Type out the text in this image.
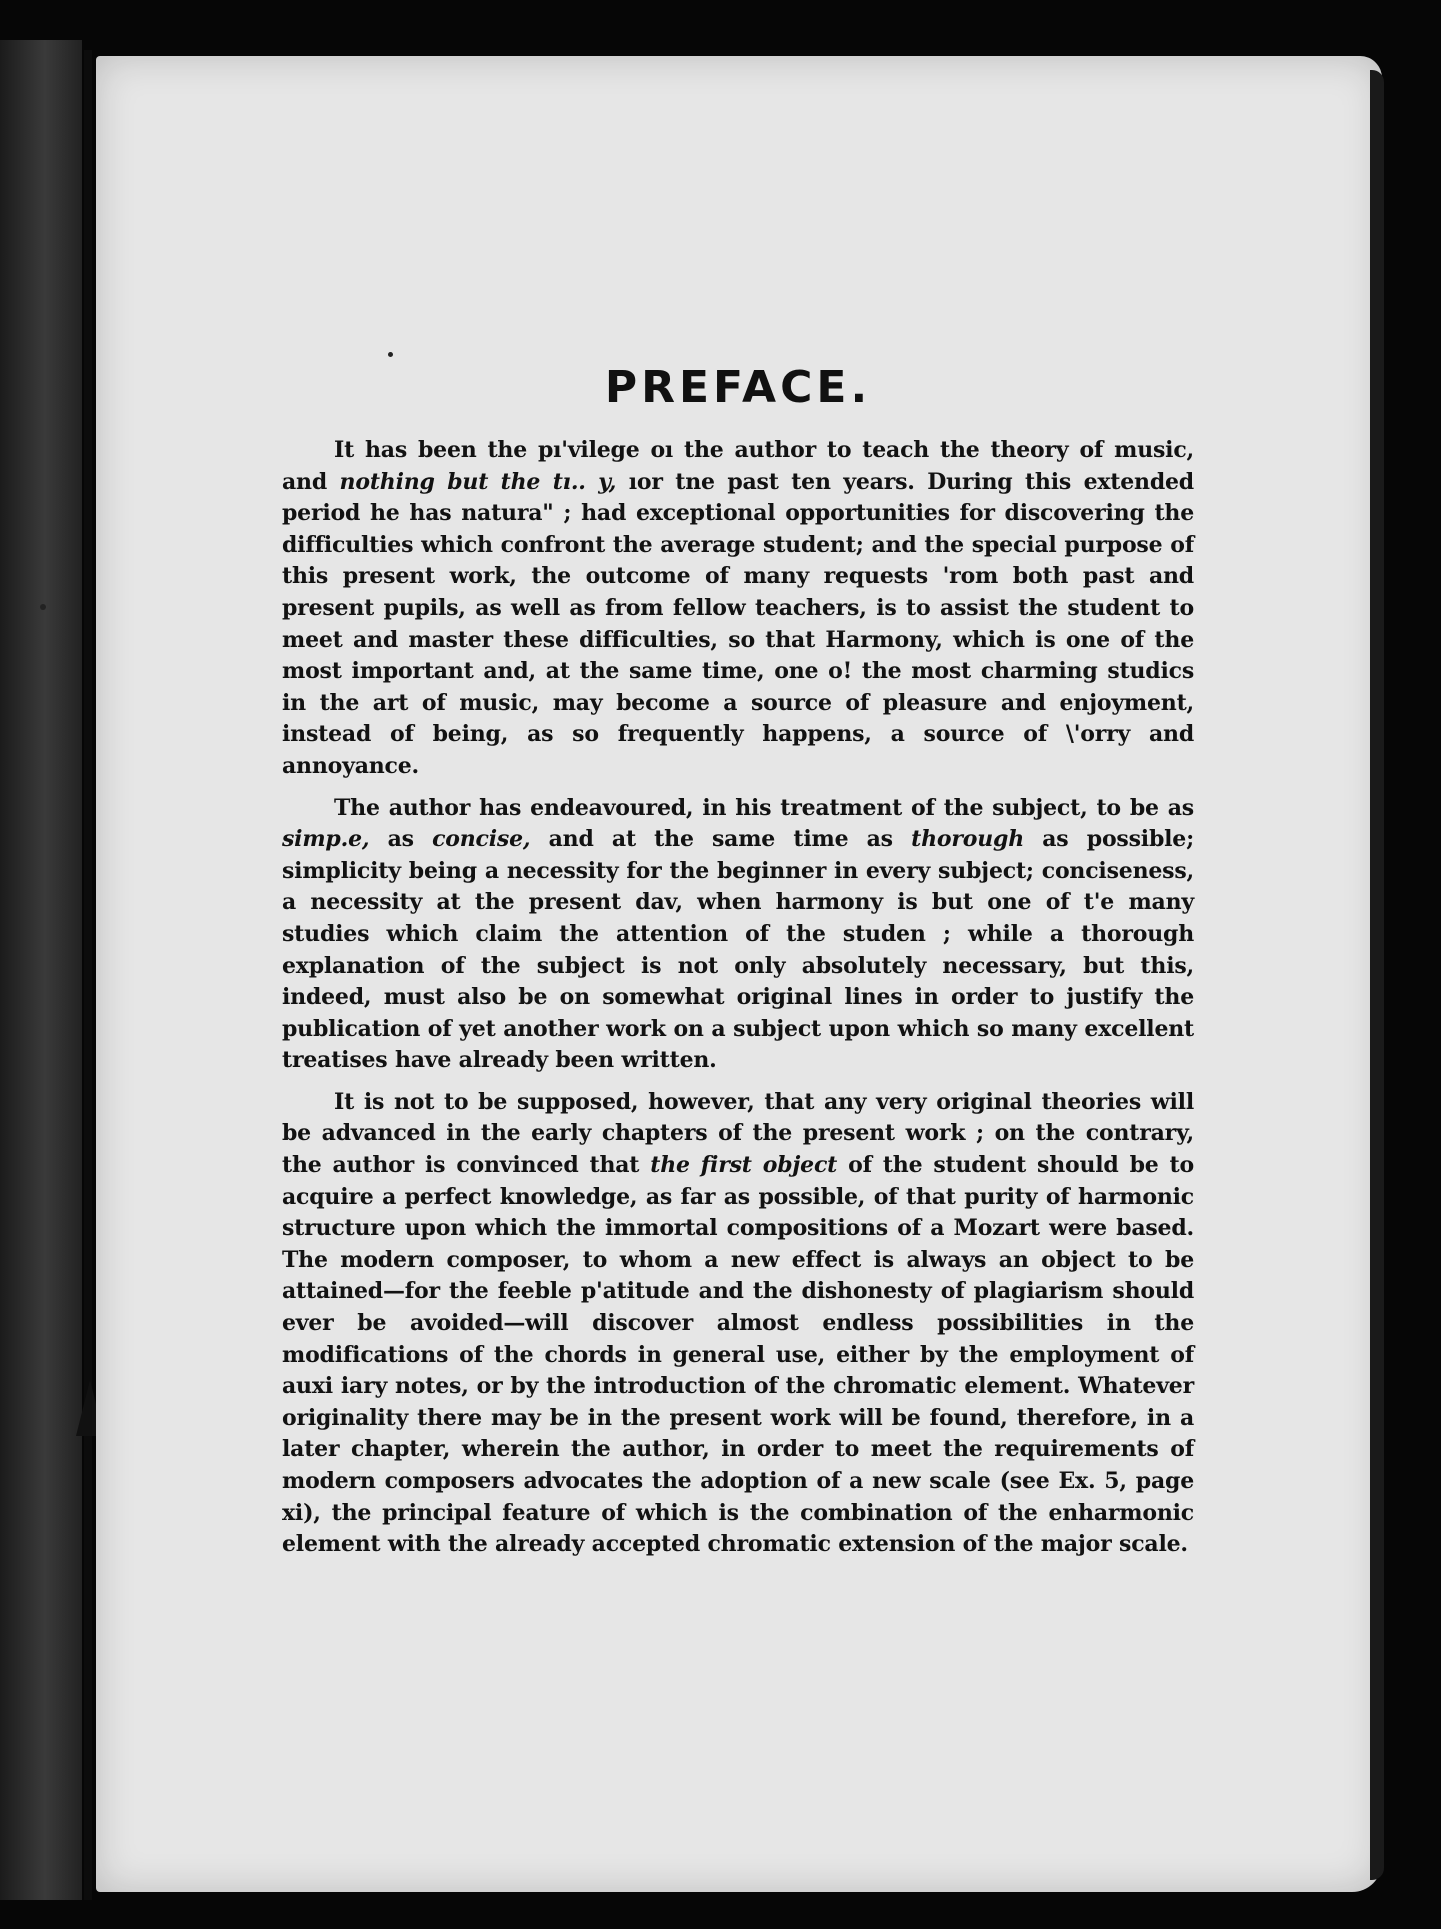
PREFACE.

It has been the pı'vilege oı the author to teach the theory of music, and nothing but the tı.. y, ıor tne past ten years. During this extended period he has natura" ; had exceptional opportunities for discovering the difficulties which confront the average student; and the special purpose of this present work, the outcome of many requests 'rom both past and present pupils, as well as from fellow teachers, is to assist the student to meet and master these difficulties, so that Harmony, which is one of the most important and, at the same time, one o! the most charming studics in the art of music, may become a source of pleasure and enjoyment, instead of being, as so frequently happens, a source of \'orry and annoyance.

The author has endeavoured, in his treatment of the subject, to be as simp.e, as concise, and at the same time as thorough as possible; simplicity being a necessity for the beginner in every subject; conciseness, a necessity at the present dav, when harmony is but one of t'e many studies which claim the attention of the studen ; while a thorough explanation of the subject is not only absolutely necessary, but this, indeed, must also be on somewhat original lines in order to justify the publication of yet another work on a subject upon which so many excellent treatises have already been written.

It is not to be supposed, however, that any very original theories will be advanced in the early chapters of the present work ; on the contrary, the author is convinced that the first object of the student should be to acquire a perfect knowledge, as far as possible, of that purity of harmonic structure upon which the immortal compositions of a Mozart were based. The modern composer, to whom a new effect is always an object to be attained—for the feeble p'atitude and the dishonesty of plagiarism should ever be avoided—will discover almost endless possibilities in the modifications of the chords in general use, either by the employment of auxi iary notes, or by the introduction of the chromatic element. Whatever originality there may be in the present work will be found, therefore, in a later chapter, wherein the author, in order to meet the requirements of modern composers advocates the adoption of a new scale (see Ex. 5, page xi), the principal feature of which is the combination of the enharmonic element with the already accepted chromatic extension of the major scale.
